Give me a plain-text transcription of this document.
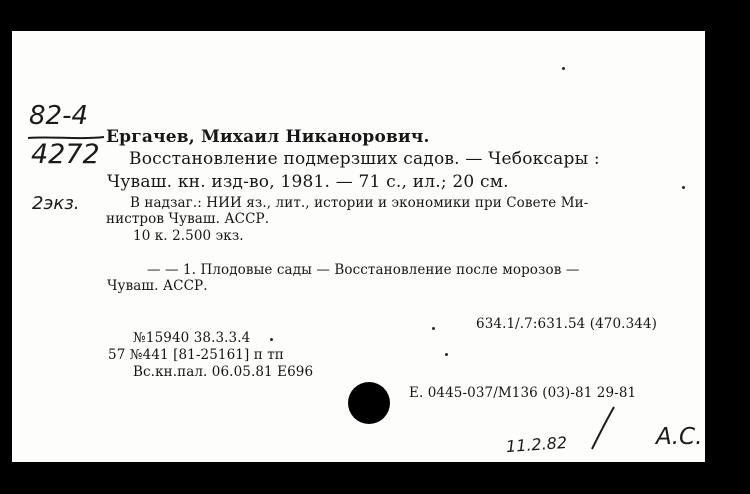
82-4
4272
2экз.
Ергачев, Михаил Никанорович.
Восстановление подмерзших садов. — Чебоксары :
Чуваш. кн. изд-во, 1981. — 71 с., ил.; 20 см.
В надзаг.: НИИ яз., лит., истории и экономики при Совете Ми-
нистров Чуваш. АССР.
10 к. 2.500 экз.
— — 1. Плодовые сады — Восстановление после морозов —
Чуваш. АССР.
634.1/.7:631.54 (470.344)
№15940 38.3.3.4
57 №441 [81-25161] п тп
Вс.кн.пал. 06.05.81 Е696
Е. 0445-037/М136 (03)-81 29-81
11.2.82	А.С.
